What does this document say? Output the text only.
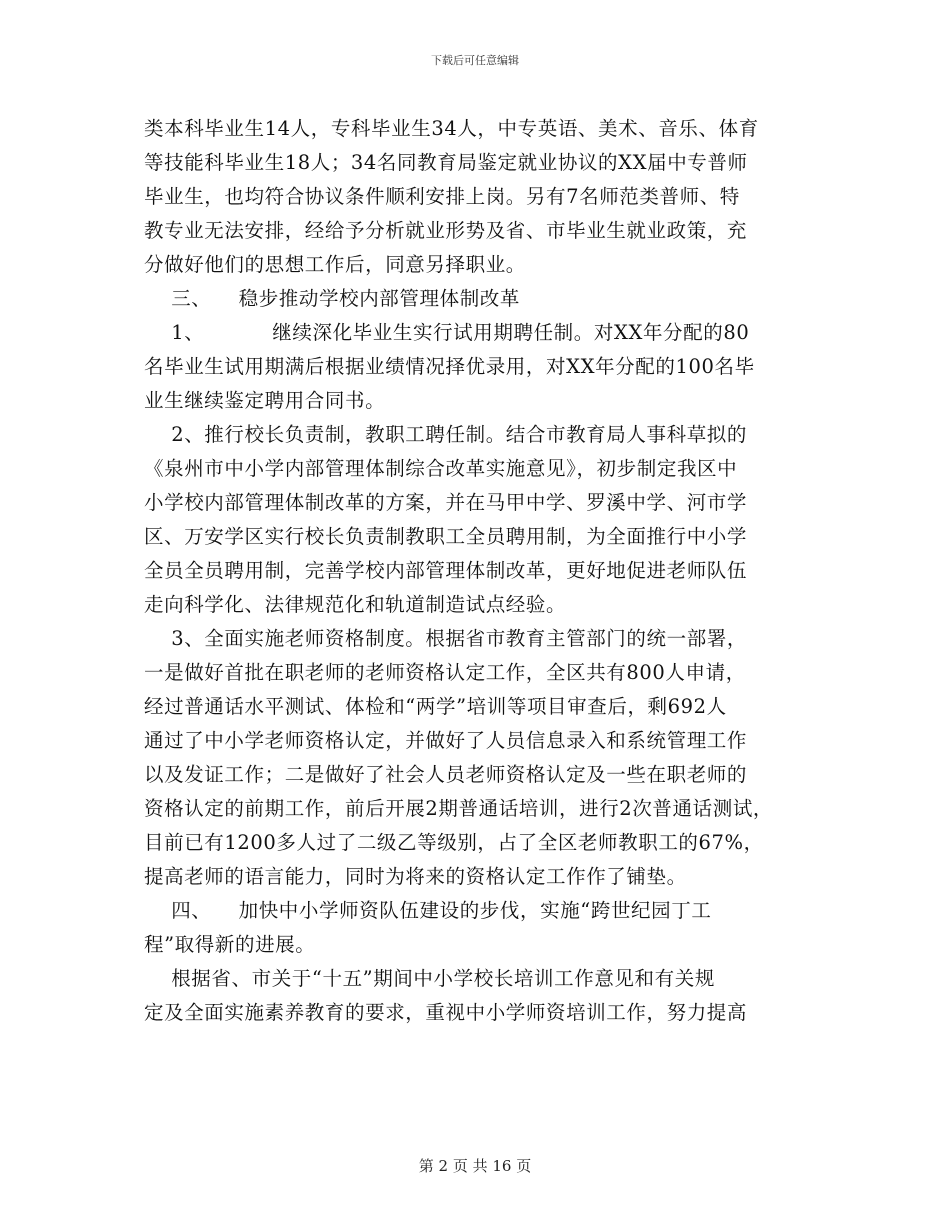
下载后可任意编辑
类本科毕业生14人，专科毕业生34人，中专英语、美术、音乐、体育
等技能科毕业生18人；34名同教育局鉴定就业协议的XX届中专普师
毕业生，也均符合协议条件顺利安排上岗。另有7名师范类普师、特
教专业无法安排，经给予分析就业形势及省、市毕业生就业政策，充
分做好他们的思想工作后，同意另择职业。
三、    稳步推动学校内部管理体制改革
1、          继续深化毕业生实行试用期聘任制。对XX年分配的80
名毕业生试用期满后根据业绩情况择优录用，对XX年分配的100名毕
业生继续鉴定聘用合同书。
2、推行校长负责制，教职工聘任制。结合市教育局人事科草拟的
《泉州市中小学内部管理体制综合改革实施意见》，初步制定我区中
小学校内部管理体制改革的方案，并在马甲中学、罗溪中学、河市学
区、万安学区实行校长负责制教职工全员聘用制，为全面推行中小学
全员全员聘用制，完善学校内部管理体制改革，更好地促进老师队伍
走向科学化、法律规范化和轨道制造试点经验。
3、全面实施老师资格制度。根据省市教育主管部门的统一部署，
一是做好首批在职老师的老师资格认定工作，全区共有800人申请，
经过普通话水平测试、体检和“两学”培训等项目审查后，剩692人
通过了中小学老师资格认定，并做好了人员信息录入和系统管理工作
以及发证工作；二是做好了社会人员老师资格认定及一些在职老师的
资格认定的前期工作，前后开展2期普通话培训，进行2次普通话测试，
目前已有1200多人过了二级乙等级别，占了全区老师教职工的67%，
提高老师的语言能力，同时为将来的资格认定工作作了铺垫。
四、    加快中小学师资队伍建设的步伐，实施“跨世纪园丁工
程”取得新的进展。
根据省、市关于“十五”期间中小学校长培训工作意见和有关规
定及全面实施素养教育的要求，重视中小学师资培训工作，努力提高
第 2 页 共 16 页
